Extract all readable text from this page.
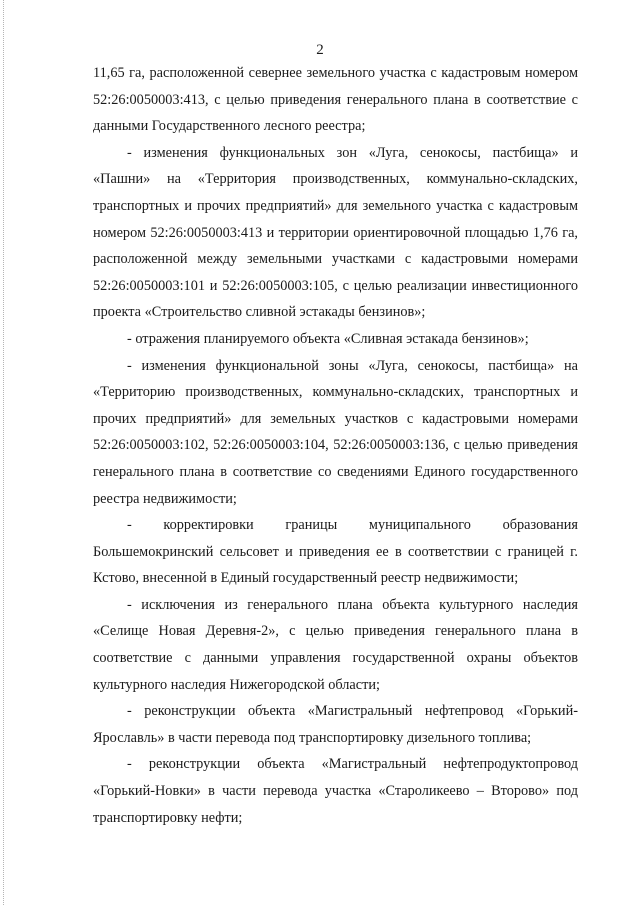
2

11,65 га, расположенной севернее земельного участка с кадастровым номером 52:26:0050003:413, с целью приведения генерального плана в соответствие с данными Государственного лесного реестра;

- изменения функциональных зон «Луга, сенокосы, пастбища» и «Пашни» на «Территория производственных, коммунально-складских, транспортных и прочих предприятий» для земельного участка с кадастровым номером 52:26:0050003:413 и территории ориентировочной площадью 1,76 га, расположенной между земельными участками с кадастровыми номерами 52:26:0050003:101 и 52:26:0050003:105, с целью реализации инвестиционного проекта «Строительство сливной эстакады бензинов»;

- отражения планируемого объекта «Сливная эстакада бензинов»;

- изменения функциональной зоны «Луга, сенокосы, пастбища» на «Территорию производственных, коммунально-складских, транспортных и прочих предприятий» для земельных участков с кадастровыми номерами 52:26:0050003:102, 52:26:0050003:104, 52:26:0050003:136, с целью приведения генерального плана в соответствие со сведениями Единого государственного реестра недвижимости;

- корректировки границы муниципального образования Большемокринский сельсовет и приведения ее в соответствии с границей г. Кстово, внесенной в Единый государственный реестр недвижимости;

- исключения из генерального плана объекта культурного наследия «Селище Новая Деревня-2», с целью приведения генерального плана в соответствие с данными управления государственной охраны объектов культурного наследия Нижегородской области;

- реконструкции объекта «Магистральный нефтепровод «Горький-Ярославль» в части перевода под транспортировку дизельного топлива;

- реконструкции объекта «Магистральный нефтепродуктопровод «Горький-Новки» в части перевода участка «Староликеево – Второво» под транспортировку нефти;
